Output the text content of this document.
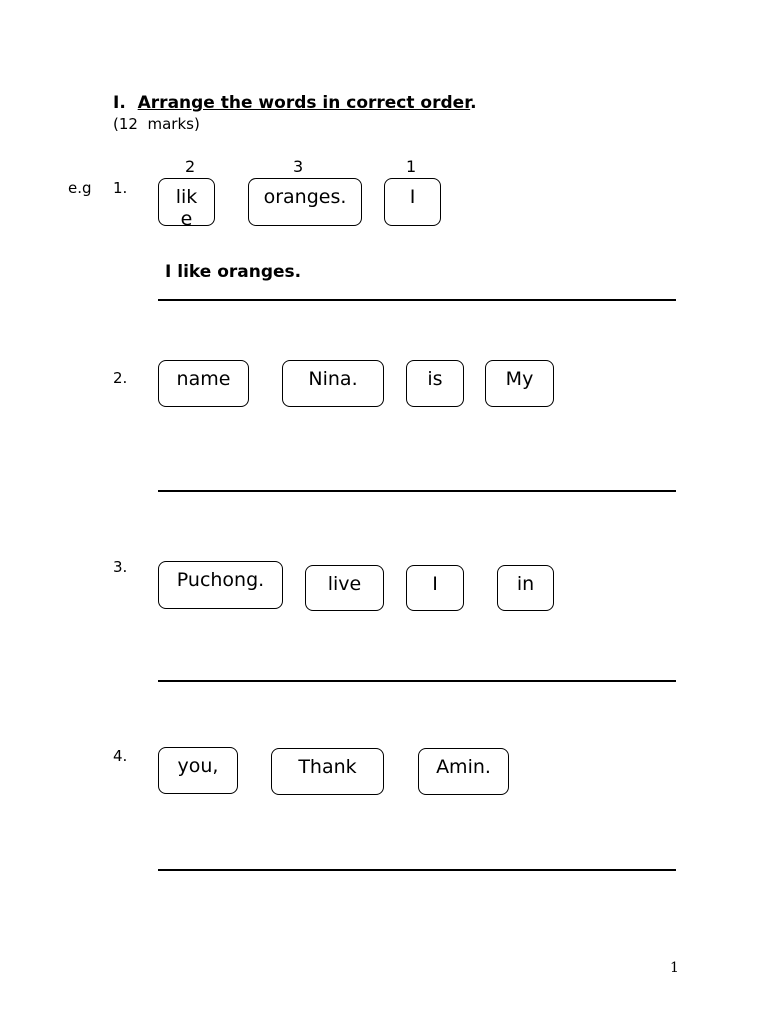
I. Arrange the words in correct order.
(12  marks)
e.g 1.
2	3	1
lik e
oranges.	I
I like oranges.
2.	name	Nina.	is	My
3.
Puchong.	live	I	in
4.	you,	Thank	Amin.
1
